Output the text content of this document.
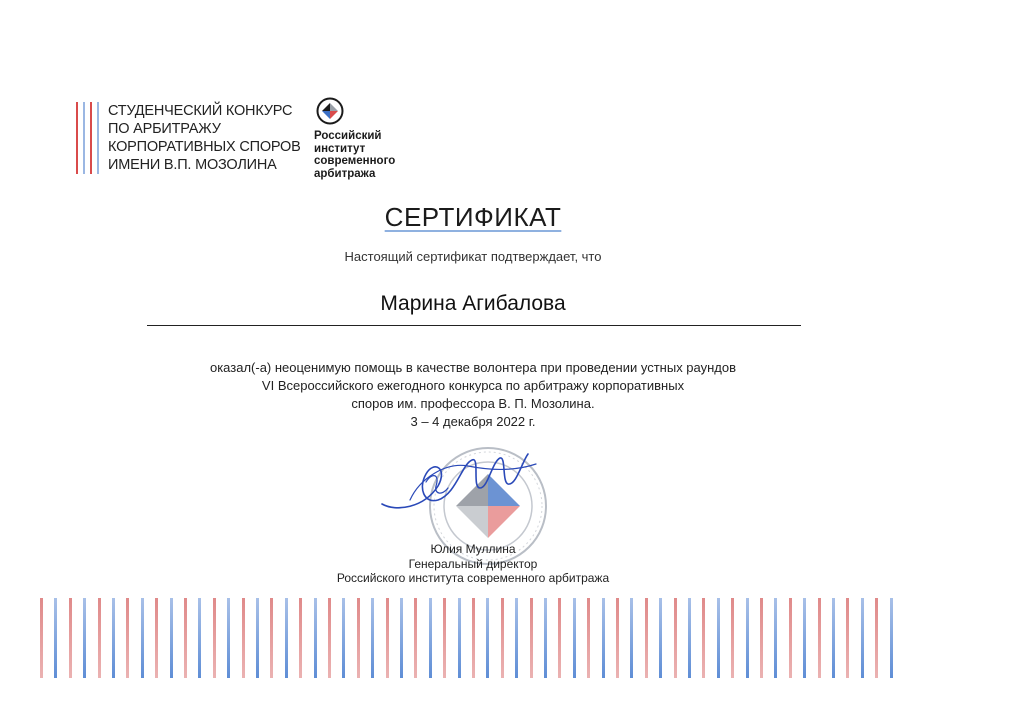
СТУДЕНЧЕСКИЙ КОНКУРС
ПО АРБИТРАЖУ
КОРПОРАТИВНЫХ СПОРОВ
ИМЕНИ В.П. МОЗОЛИНА
Российский
институт
современного
арбитража
СЕРТИФИКАТ
Настоящий сертификат подтверждает, что
Марина Агибалова
оказал(-а) неоценимую помощь в качестве волонтера при проведении устных раундов
VI Всероссийского ежегодного конкурса по арбитражу корпоративных
споров им. профессора В. П. Мозолина.
3 – 4 декабря 2022 г.
Юлия Муллина
Генеральный директор
Российского института современного арбитража
